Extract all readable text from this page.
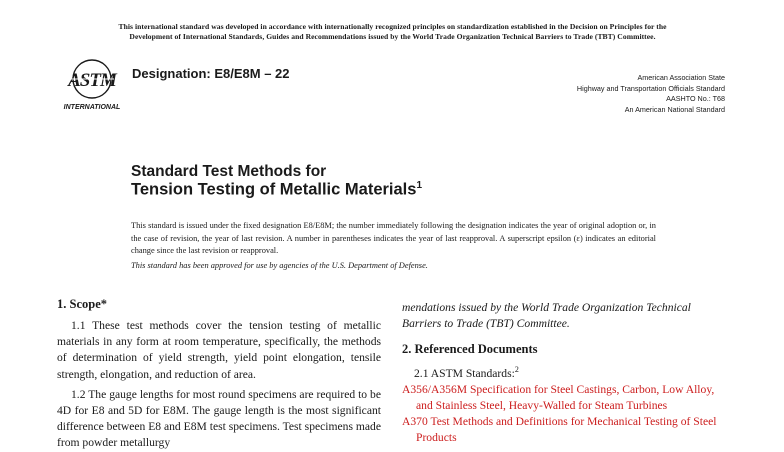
This international standard was developed in accordance with internationally recognized principles on standardization established in the Decision on Principles for the
Development of International Standards, Guides and Recommendations issued by the World Trade Organization Technical Barriers to Trade (TBT) Committee.
ASTM
INTERNATIONAL
Designation: E8/E8M – 22	American Association State
Highway and Transportation Officials Standard
AASHTO No.: T68
An American National Standard
Standard Test Methods for
Tension Testing of Metallic Materials$^1$
This standard is issued under the fixed designation E8/E8M; the number immediately following the designation indicates the year of original adoption or, in the case of revision, the year of last revision. A number in parentheses indicates the year of last reapproval. A superscript epsilon (ε) indicates an editorial change since the last revision or reapproval.
This standard has been approved for use by agencies of the U.S. Department of Defense.
1. Scope*

1.1 These test methods cover the tension testing of metallic materials in any form at room temperature, specifically, the methods of determination of yield strength, yield point elongation, tensile strength, elongation, and reduction of area.

1.2 The gauge lengths for most round specimens are required to be 4D for E8 and 5D for E8M. The gauge length is the most significant difference between E8 and E8M test specimens. Test specimens made from powder metallurgy

mendations issued by the World Trade Organization Technical Barriers to Trade (TBT) Committee.

2. Referenced Documents

2.1 ASTM Standards:$^2$

A356/A356M Specification for Steel Castings, Carbon, Low Alloy, and Stainless Steel, Heavy-Walled for Steam Turbines

A370 Test Methods and Definitions for Mechanical Testing of Steel Products
